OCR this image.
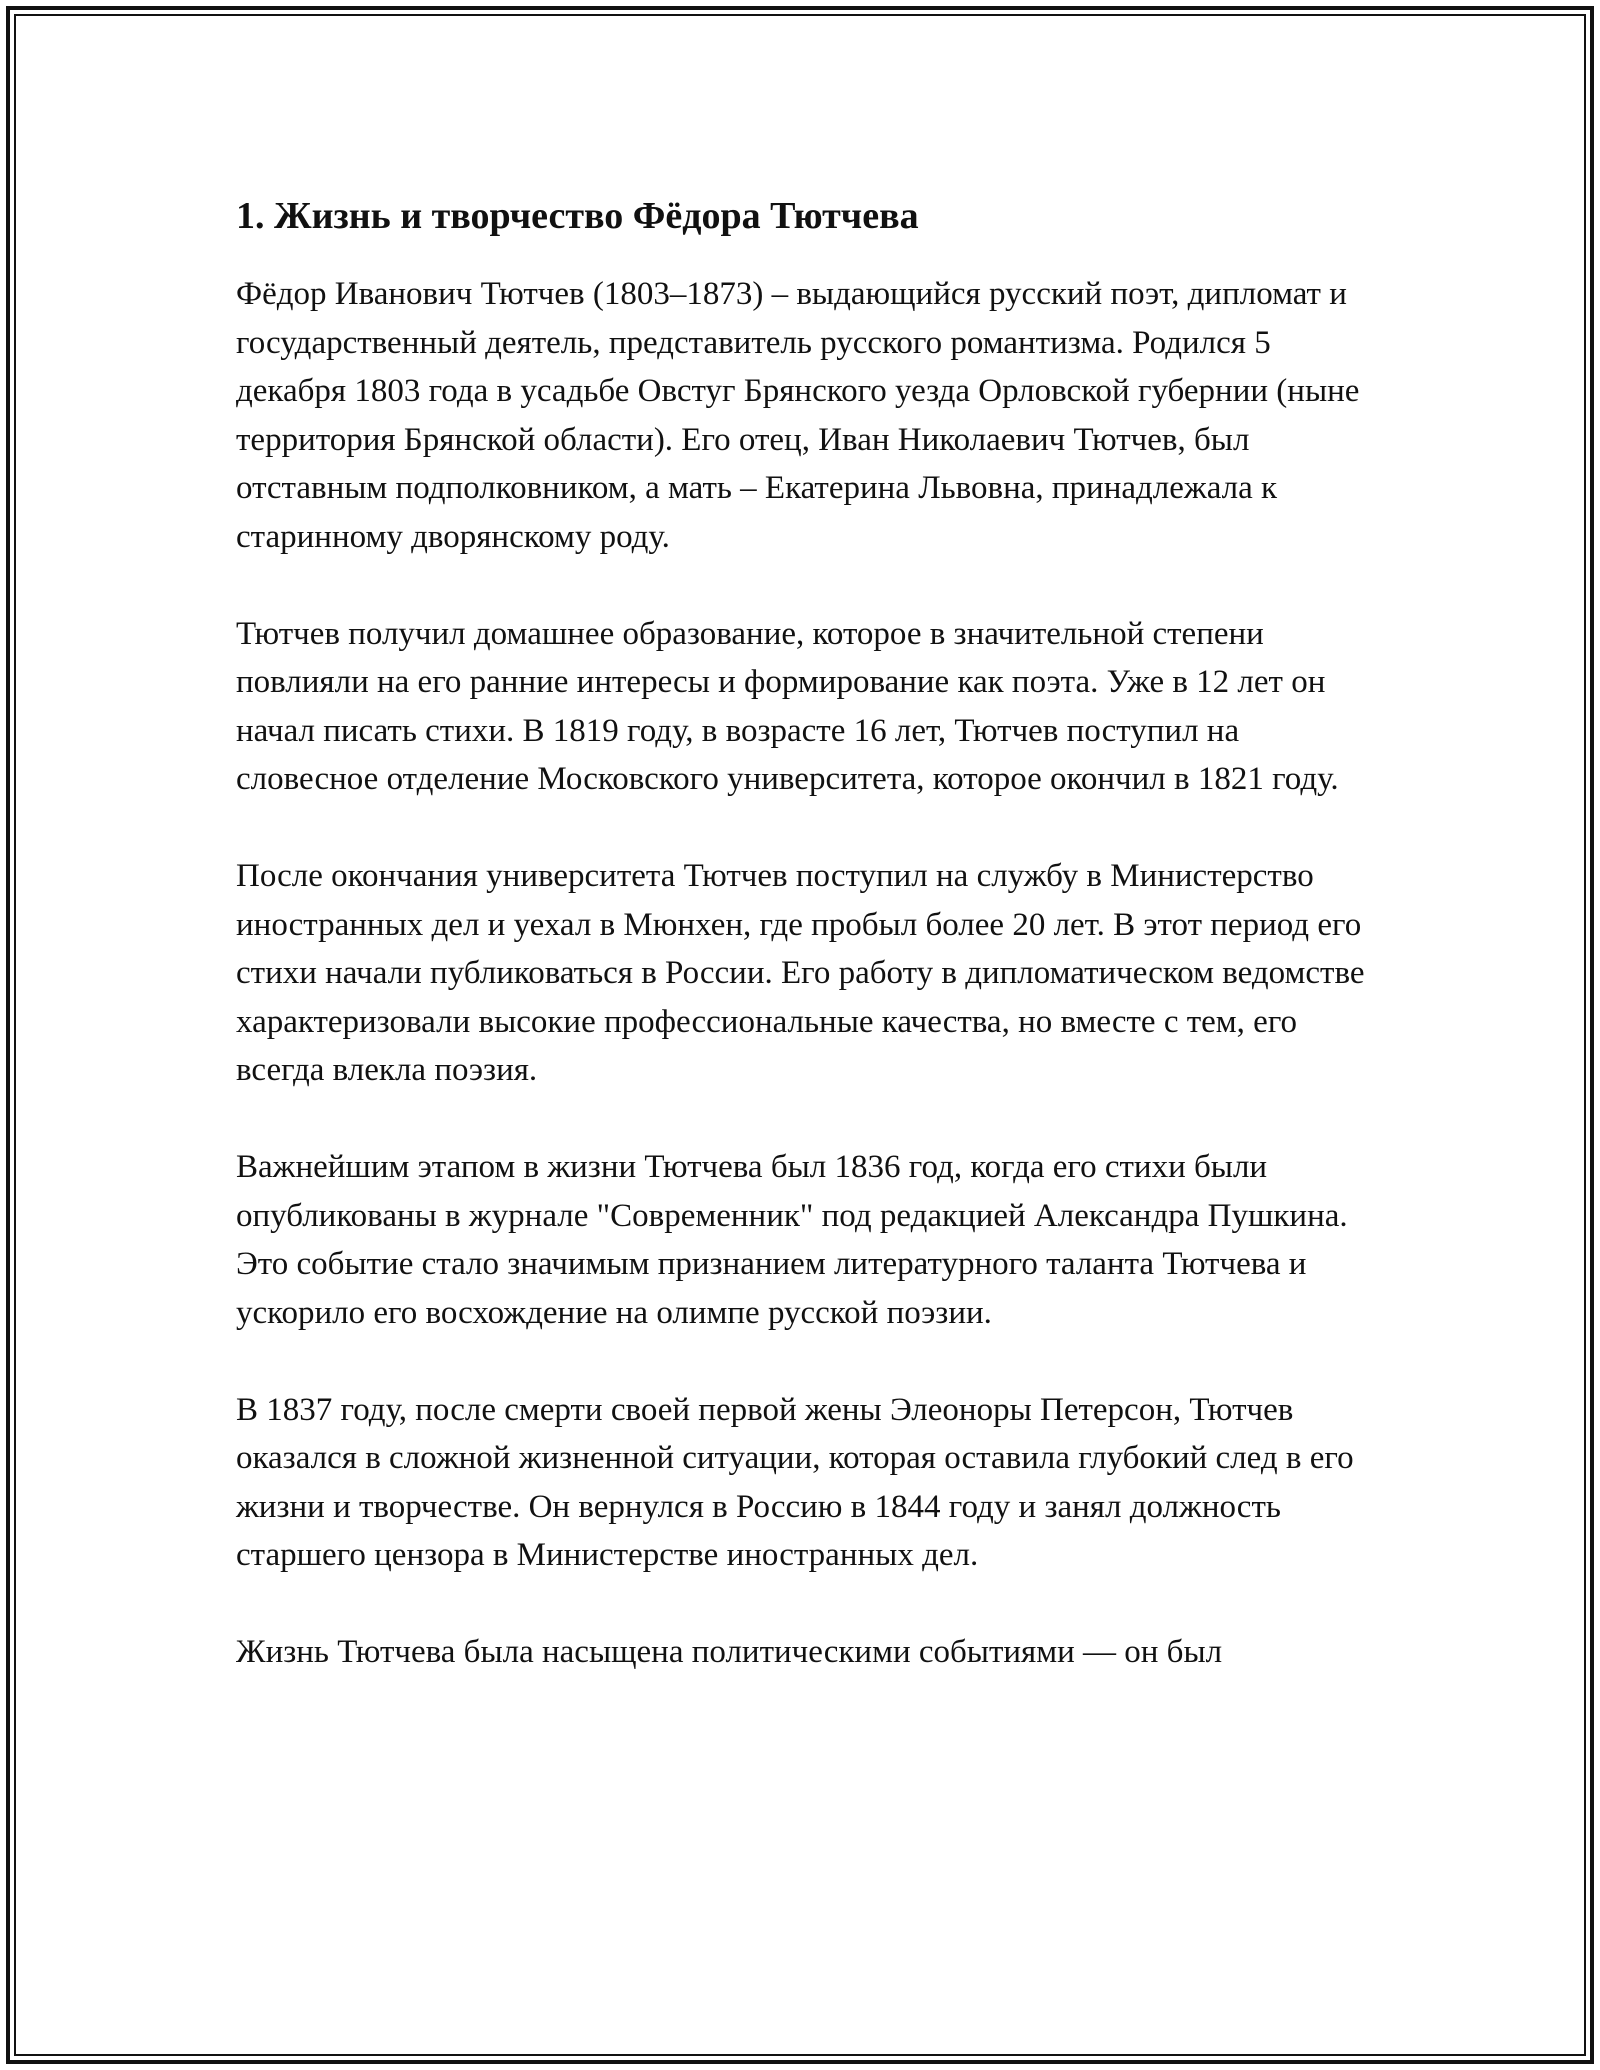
1. Жизнь и творчество Фёдора Тютчева

Фёдор Иванович Тютчев (1803–1873) – выдающийся русский поэт, дипломат и государственный деятель, представитель русского романтизма. Родился 5 декабря 1803 года в усадьбе Овстуг Брянского уезда Орловской губернии (ныне территория Брянской области). Его отец, Иван Николаевич Тютчев, был отставным подполковником, а мать – Екатерина Львовна, принадлежала к старинному дворянскому роду.

Тютчев получил домашнее образование, которое в значительной степени повлияли на его ранние интересы и формирование как поэта. Уже в 12 лет он начал писать стихи. В 1819 году, в возрасте 16 лет, Тютчев поступил на словесное отделение Московского университета, которое окончил в 1821 году.

После окончания университета Тютчев поступил на службу в Министерство иностранных дел и уехал в Мюнхен, где пробыл более 20 лет. В этот период его стихи начали публиковаться в России. Его работу в дипломатическом ведомстве характеризовали высокие профессиональные качества, но вместе с тем, его всегда влекла поэзия.

Важнейшим этапом в жизни Тютчева был 1836 год, когда его стихи были опубликованы в журнале "Современник" под редакцией Александра Пушкина. Это событие стало значимым признанием литературного таланта Тютчева и ускорило его восхождение на олимпе русской поэзии.

В 1837 году, после смерти своей первой жены Элеоноры Петерсон, Тютчев оказался в сложной жизненной ситуации, которая оставила глубокий след в его жизни и творчестве. Он вернулся в Россию в 1844 году и занял должность старшего цензора в Министерстве иностранных дел.

Жизнь Тютчева была насыщена политическими событиями — он был
